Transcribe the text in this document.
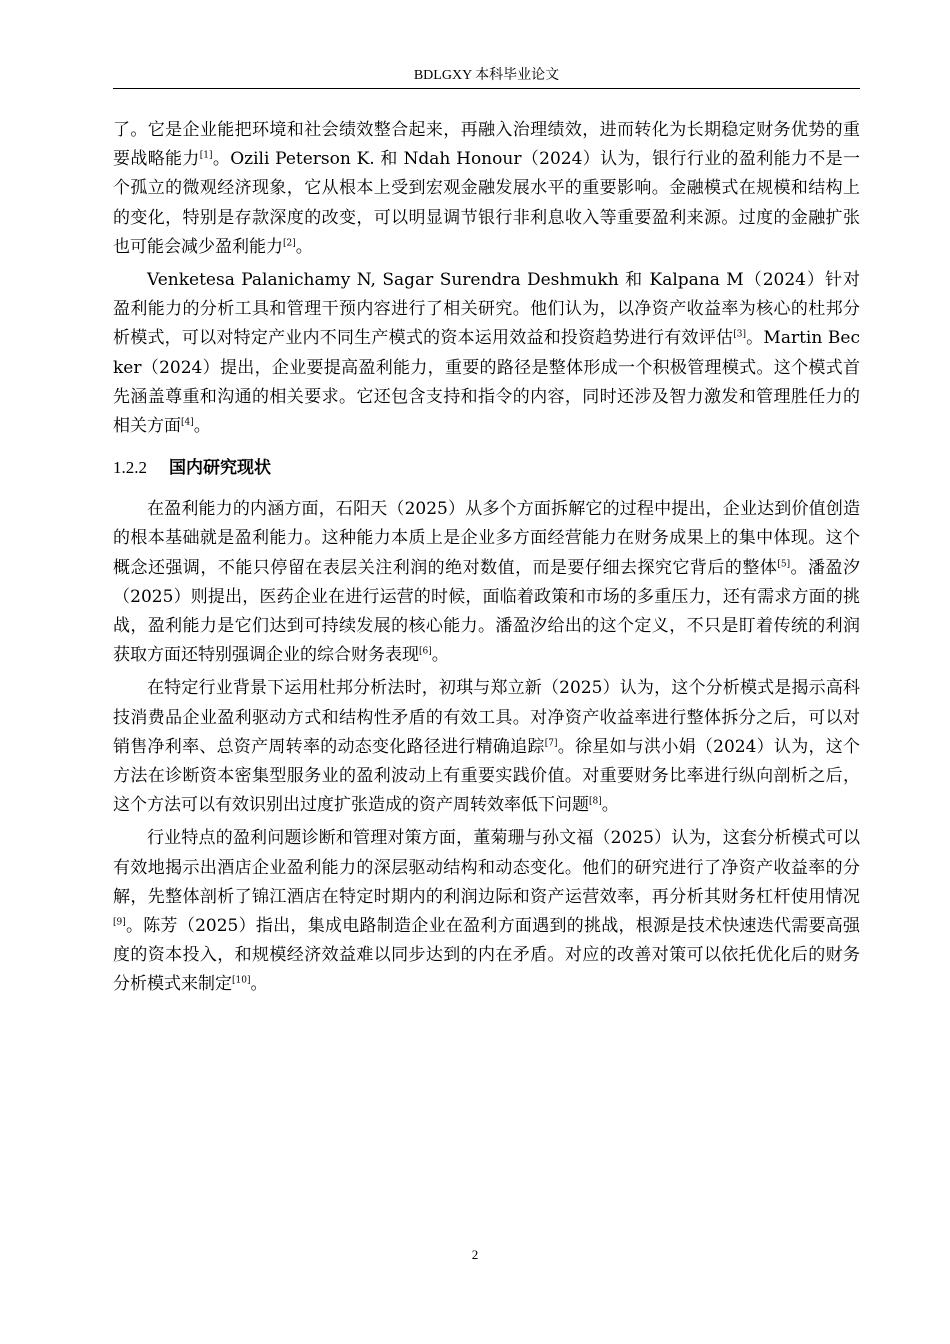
BDLGXY 本科毕业论文

了。它是企业能把环境和社会绩效整合起来，再融入治理绩效，进而转化为长期稳定财务优势的重要战略能力[1]。Ozili Peterson K. 和 Ndah Honour（2024）认为，银行行业的盈利能力不是一个孤立的微观经济现象，它从根本上受到宏观金融发展水平的重要影响。金融模式在规模和结构上的变化，特别是存款深度的改变，可以明显调节银行非利息收入等重要盈利来源。过度的金融扩张也可能会减少盈利能力[2]。

Venketesa Palanichamy N, Sagar Surendra Deshmukh 和 Kalpana M（2024）针对盈利能力的分析工具和管理干预内容进行了相关研究。他们认为，以净资产收益率为核心的杜邦分析模式，可以对特定产业内不同生产模式的资本运用效益和投资趋势进行有效评估[3]。Martin Becker（2024）提出，企业要提高盈利能力，重要的路径是整体形成一个积极管理模式。这个模式首先涵盖尊重和沟通的相关要求。它还包含支持和指令的内容，同时还涉及智力激发和管理胜任力的相关方面[4]。

1.2.2 国内研究现状

在盈利能力的内涵方面，石阳天（2025）从多个方面拆解它的过程中提出，企业达到价值创造的根本基础就是盈利能力。这种能力本质上是企业多方面经营能力在财务成果上的集中体现。这个概念还强调，不能只停留在表层关注利润的绝对数值，而是要仔细去探究它背后的整体[5]。潘盈汐（2025）则提出，医药企业在进行运营的时候，面临着政策和市场的多重压力，还有需求方面的挑战，盈利能力是它们达到可持续发展的核心能力。潘盈汐给出的这个定义，不只是盯着传统的利润获取方面还特别强调企业的综合财务表现[6]。

在特定行业背景下运用杜邦分析法时，初琪与郑立新（2025）认为，这个分析模式是揭示高科技消费品企业盈利驱动方式和结构性矛盾的有效工具。对净资产收益率进行整体拆分之后，可以对销售净利率、总资产周转率的动态变化路径进行精确追踪[7]。徐星如与洪小娟（2024）认为，这个方法在诊断资本密集型服务业的盈利波动上有重要实践价值。对重要财务比率进行纵向剖析之后，这个方法可以有效识别出过度扩张造成的资产周转效率低下问题[8]。

行业特点的盈利问题诊断和管理对策方面，董菊珊与孙文福（2025）认为，这套分析模式可以有效地揭示出酒店企业盈利能力的深层驱动结构和动态变化。他们的研究进行了净资产收益率的分解，先整体剖析了锦江酒店在特定时期内的利润边际和资产运营效率，再分析其财务杠杆使用情况[9]。陈芳（2025）指出，集成电路制造企业在盈利方面遇到的挑战，根源是技术快速迭代需要高强度的资本投入，和规模经济效益难以同步达到的内在矛盾。对应的改善对策可以依托优化后的财务分析模式来制定[10]。

2
